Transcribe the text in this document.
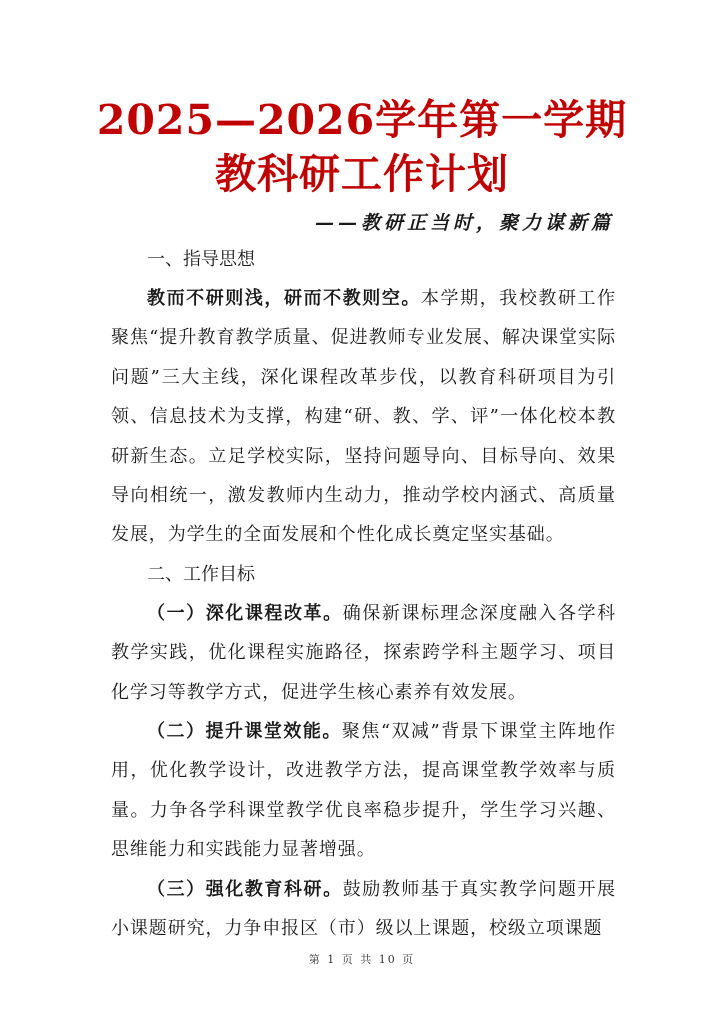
2025—2026学年第一学期
教科研工作计划
——教研正当时，聚力谋新篇

一、指导思想

教而不研则浅，研而不教则空。本学期，我校教研工作聚焦“提升教育教学质量、促进教师专业发展、解决课堂实际问题”三大主线，深化课程改革步伐，以教育科研项目为引领、信息技术为支撑，构建“研、教、学、评”一体化校本教研新生态。立足学校实际，坚持问题导向、目标导向、效果导向相统一，激发教师内生动力，推动学校内涵式、高质量发展，为学生的全面发展和个性化成长奠定坚实基础。

二、工作目标

（一）深化课程改革。确保新课标理念深度融入各学科教学实践，优化课程实施路径，探索跨学科主题学习、项目化学习等教学方式，促进学生核心素养有效发展。

（二）提升课堂效能。聚焦“双减”背景下课堂主阵地作用，优化教学设计，改进教学方法，提高课堂教学效率与质量。力争各学科课堂教学优良率稳步提升，学生学习兴趣、思维能力和实践能力显著增强。

（三）强化教育科研。鼓励教师基于真实教学问题开展小课题研究，力争申报区（市）级以上课题，校级立项课题

第 1 页 共 10 页
